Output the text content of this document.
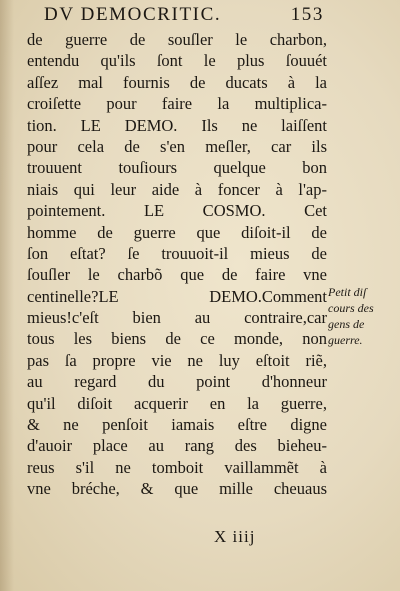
DV DEMOCRITIC.	153
de guerre de souſler le charbon,
entendu qu'ils ſont le plus ſouuét
aſſez mal fournis de ducats à la
croiſette pour faire la multiplica-
tion. LE DEMO. Ils ne laiſſent
pour cela de s'en meſler, car ils
trouuent touſiours quelque bon
niais qui leur aide à foncer à l'ap-
pointement. LE COSMO. Cet
homme de guerre que diſoit-il de
ſon eſtat? ſe trouuoit-il mieus de
ſouſler le charbõ que de faire vne
centinelle?LE DEMO.Comment
mieus!c'eſt bien au contraire,car
tous les biens de ce monde, non
pas ſa propre vie ne luy eſtoit riẽ,
au regard du point d'honneur
qu'il diſoit acquerir en la guerre,
& ne penſoit iamais eſtre digne
d'auoir place au rang des bieheu-
reus s'il ne tomboit vaillammẽt à
vne bréche, & que mille cheuaus
Petit diſ
cours des
gens de
guerre.
X iiij
